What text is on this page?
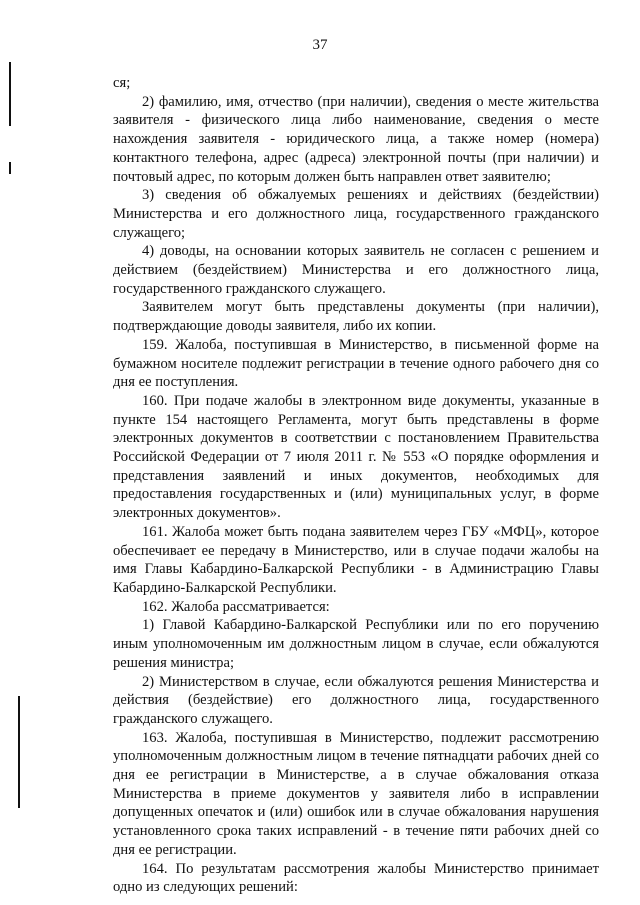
37

ся;

2) фамилию, имя, отчество (при наличии), сведения о месте жительства заявителя - физического лица либо наименование, сведения о месте нахождения заявителя - юридического лица, а также номер (номера) контактного телефона, адрес (адреса) электронной почты (при наличии) и почтовый адрес, по которым должен быть направлен ответ заявителю;

3) сведения об обжалуемых решениях и действиях (бездействии) Министерства и его должностного лица, государственного гражданского служащего;

4) доводы, на основании которых заявитель не согласен с решением и действием (бездействием) Министерства и его должностного лица, государственного гражданского служащего.

Заявителем могут быть представлены документы (при наличии), подтверждающие доводы заявителя, либо их копии.

159. Жалоба, поступившая в Министерство, в письменной форме на бумажном носителе подлежит регистрации в течение одного рабочего дня со дня ее поступления.

160. При подаче жалобы в электронном виде документы, указанные в пункте 154 настоящего Регламента, могут быть представлены в форме электронных документов в соответствии с постановлением Правительства Российской Федерации от 7 июля 2011 г. № 553 «О порядке оформления и представления заявлений и иных документов, необходимых для предоставления государственных и (или) муниципальных услуг, в форме электронных документов».

161. Жалоба может быть подана заявителем через ГБУ «МФЦ», которое обеспечивает ее передачу в Министерство, или в случае подачи жалобы на имя Главы Кабардино-Балкарской Республики - в Администрацию Главы Кабардино-Балкарской Республики.

162. Жалоба рассматривается:

1) Главой Кабардино-Балкарской Республики или по его поручению иным уполномоченным им должностным лицом в случае, если обжалуются решения министра;

2) Министерством в случае, если обжалуются решения Министерства и действия (бездействие) его должностного лица, государственного гражданского служащего.

163. Жалоба, поступившая в Министерство, подлежит рассмотрению уполномоченным должностным лицом в течение пятнадцати рабочих дней со дня ее регистрации в Министерстве, а в случае обжалования отказа Министерства в приеме документов у заявителя либо в исправлении допущенных опечаток и (или) ошибок или в случае обжалования нарушения установленного срока таких исправлений - в течение пяти рабочих дней со дня ее регистрации.

164. По результатам рассмотрения жалобы Министерство принимает одно из следующих решений:
